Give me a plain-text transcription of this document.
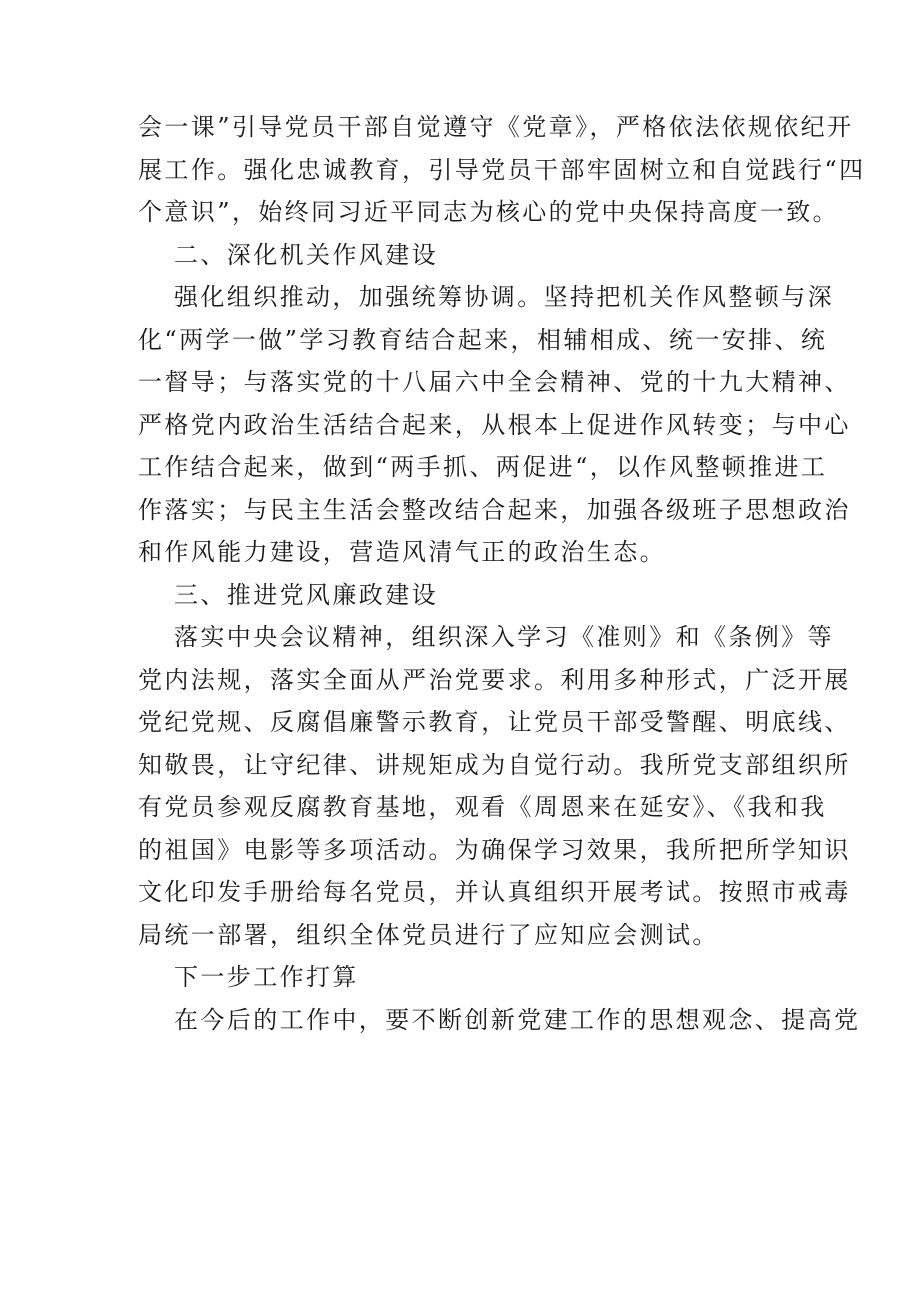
会一课”引导党员干部自觉遵守《党章》，严格依法依规依纪开
展工作。强化忠诚教育，引导党员干部牢固树立和自觉践行“四
个意识”，始终同习近平同志为核心的党中央保持高度一致。
二、深化机关作风建设
强化组织推动，加强统筹协调。坚持把机关作风整顿与深
化“两学一做”学习教育结合起来，相辅相成、统一安排、统
一督导；与落实党的十八届六中全会精神、党的十九大精神、
严格党内政治生活结合起来，从根本上促进作风转变；与中心
工作结合起来，做到“两手抓、两促进“，以作风整顿推进工
作落实；与民主生活会整改结合起来，加强各级班子思想政治
和作风能力建设，营造风清气正的政治生态。
三、推进党风廉政建设
落实中央会议精神，组织深入学习《准则》和《条例》等
党内法规，落实全面从严治党要求。利用多种形式，广泛开展
党纪党规、反腐倡廉警示教育，让党员干部受警醒、明底线、
知敬畏，让守纪律、讲规矩成为自觉行动。我所党支部组织所
有党员参观反腐教育基地，观看《周恩来在延安》、《我和我
的祖国》电影等多项活动。为确保学习效果，我所把所学知识
文化印发手册给每名党员，并认真组织开展考试。按照市戒毒
局统一部署，组织全体党员进行了应知应会测试。
下一步工作打算
在今后的工作中，要不断创新党建工作的思想观念、提高党
